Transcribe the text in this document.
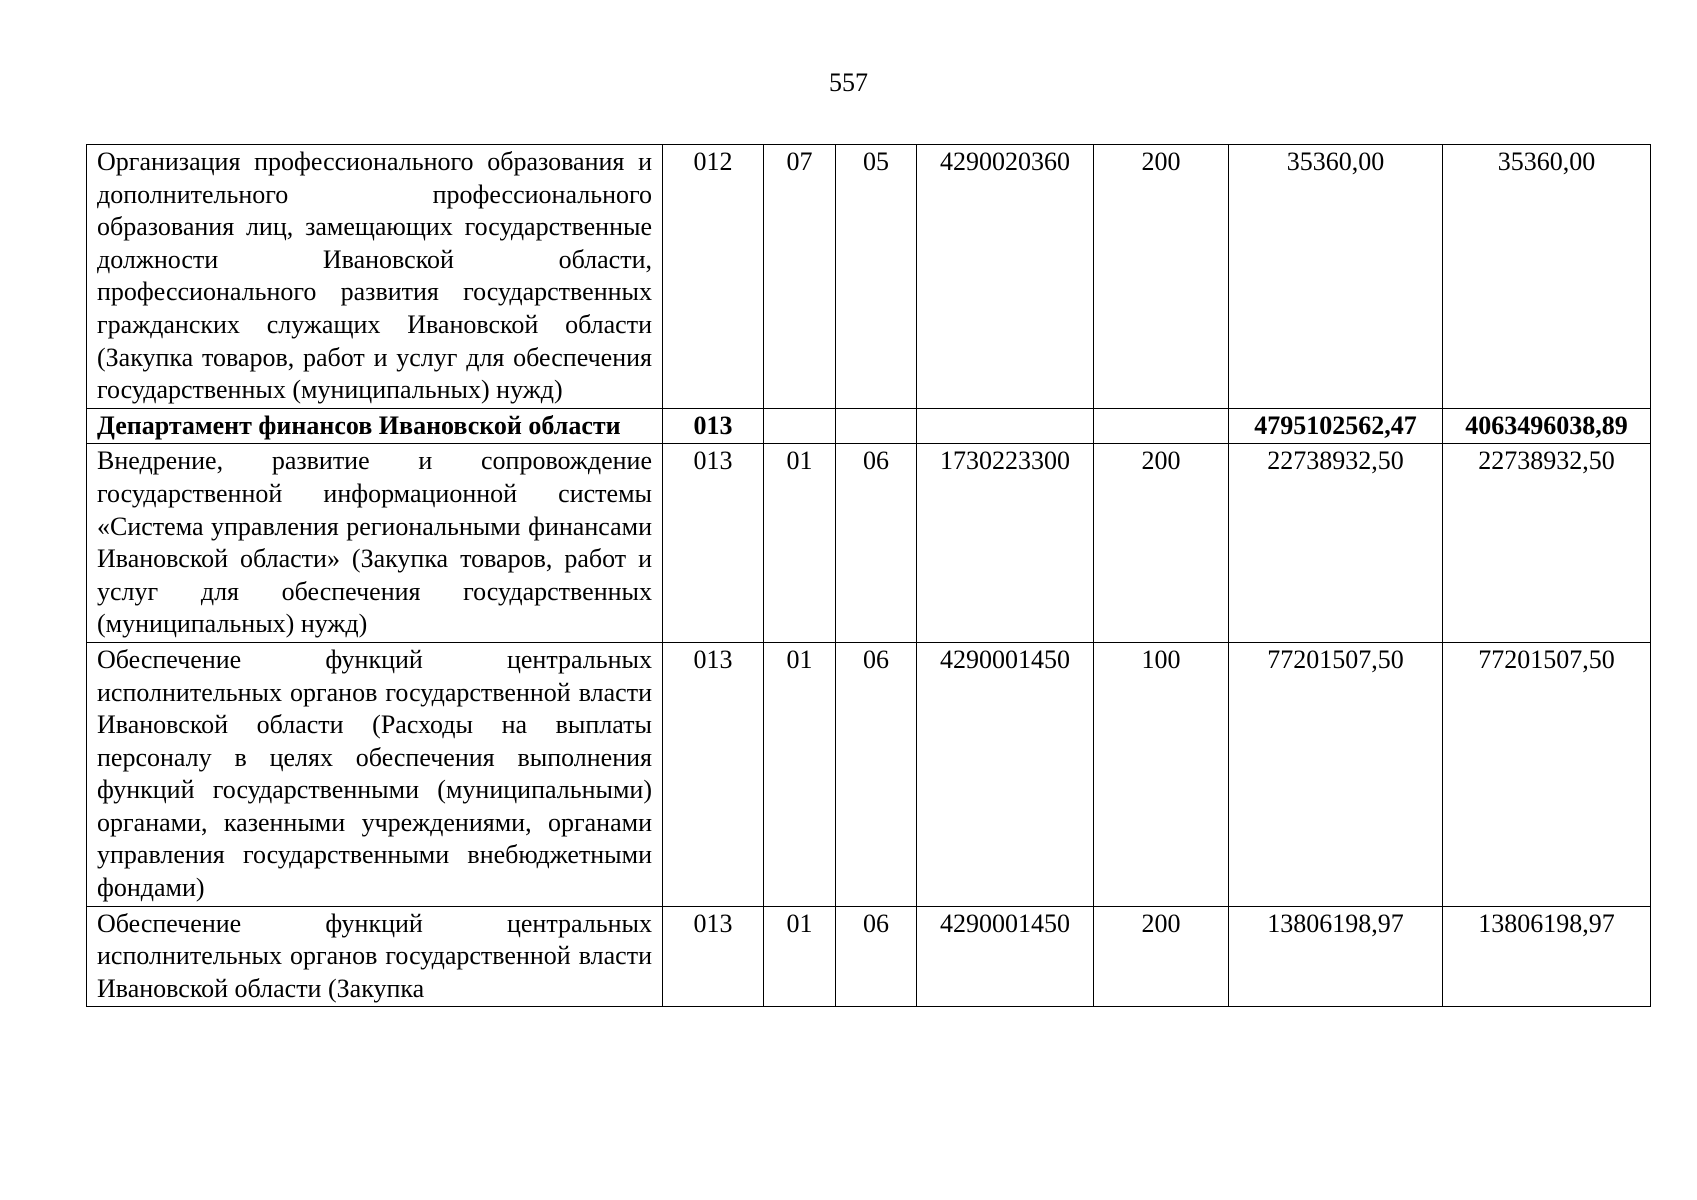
557
Организация профессионального образования и дополнительного профессионального образования лиц, замещающих государственные должности Ивановской области, профессионального развития государственных гражданских служащих Ивановской области (Закупка товаров, работ и услуг для обеспечения государственных (муниципальных) нужд)	012	07	05	4290020360	200	35360,00	35360,00
Департамент финансов Ивановской области	013					4795102562,47	4063496038,89
Внедрение, развитие и сопровождение государственной информационной системы «Система управления региональными финансами Ивановской области» (Закупка товаров, работ и услуг для обеспечения государственных (муниципальных) нужд)	013	01	06	1730223300	200	22738932,50	22738932,50
Обеспечение функций центральных исполнительных органов государственной власти Ивановской области (Расходы на выплаты персоналу в целях обеспечения выполнения функций государственными (муниципальными) органами, казенными учреждениями, органами управления государственными внебюджетными фондами)	013	01	06	4290001450	100	77201507,50	77201507,50
Обеспечение функций центральных исполнительных органов государственной власти Ивановской области (Закупка	013	01	06	4290001450	200	13806198,97	13806198,97
